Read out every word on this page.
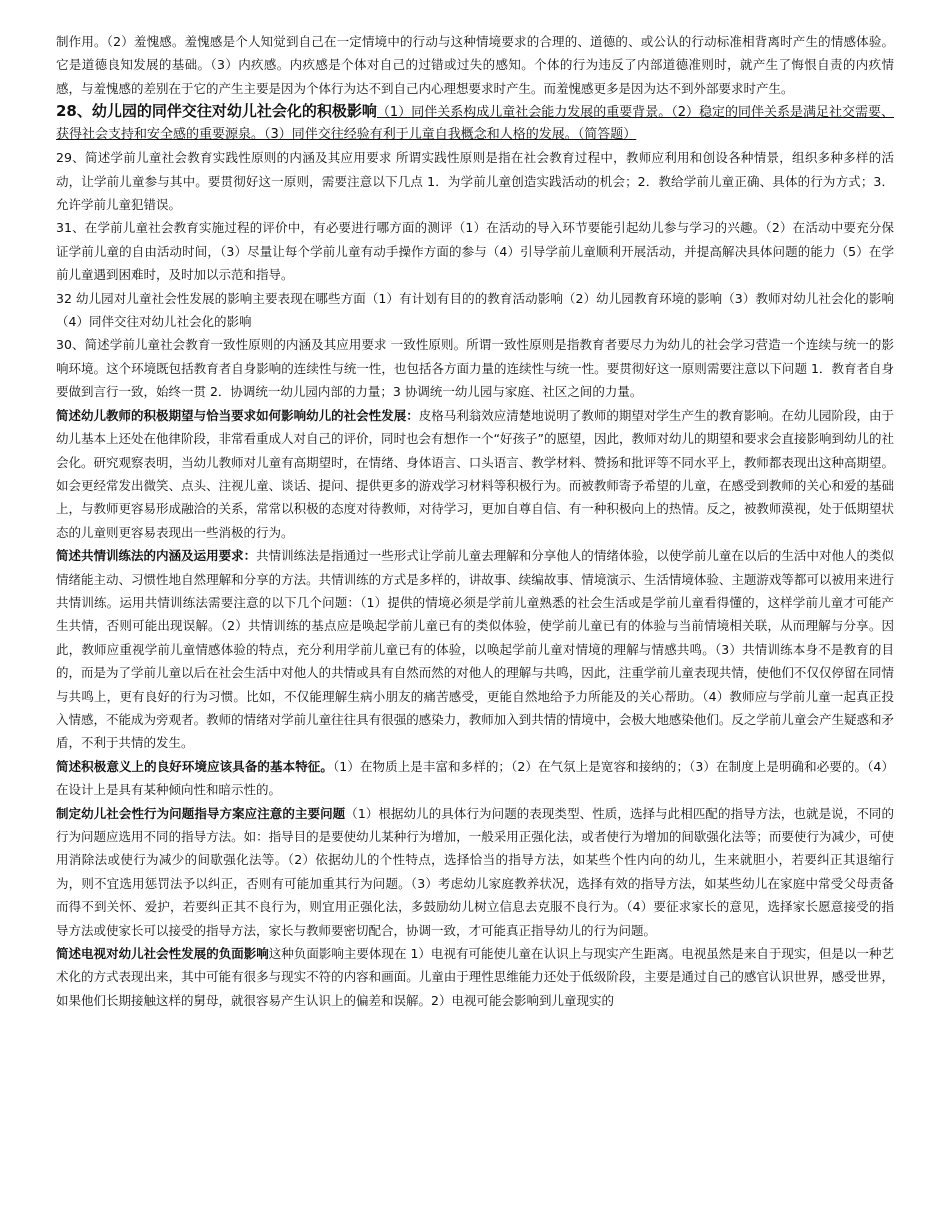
制作用。（2）羞愧感。羞愧感是个人知觉到自己在一定情境中的行动与这种情境要求的合理的、道德的、或公认的行动标准相背离时产生的情感体验。它是道德良知发展的基础。（3）内疚感。内疚感是个体对自己的过错或过失的感知。个体的行为违反了内部道德准则时，就产生了悔恨自责的内疚情感，与羞愧感的差别在于它的产生主要是因为个体行为达不到自己内心理想要求时产生。而羞愧感更多是因为达不到外部要求时产生。

28、幼儿园的同伴交往对幼儿社会化的积极影响（1）同伴关系构成儿童社会能力发展的重要背景。（2）稳定的同伴关系是满足社交需要、获得社会支持和安全感的重要源泉。（3）同伴交往经验有利于儿童自我概念和人格的发展。（简答题）

29、简述学前儿童社会教育实践性原则的内涵及其应用要求 所谓实践性原则是指在社会教育过程中，教师应利用和创设各种情景，组织多种多样的活动，让学前儿童参与其中。要贯彻好这一原则，需要注意以下几点 1．为学前儿童创造实践活动的机会；2．教给学前儿童正确、具体的行为方式；3．允许学前儿童犯错误。

31、在学前儿童社会教育实施过程的评价中，有必要进行哪方面的测评（1）在活动的导入环节要能引起幼儿参与学习的兴趣。（2）在活动中要充分保证学前儿童的自由活动时间，（3）尽量让每个学前儿童有动手操作方面的参与（4）引导学前儿童顺利开展活动，并提高解决具体问题的能力（5）在学前儿童遇到困难时，及时加以示范和指导。

32 幼儿园对儿童社会性发展的影响主要表现在哪些方面（1）有计划有目的的教育活动影响（2）幼儿园教育环境的影响（3）教师对幼儿社会化的影响（4）同伴交往对幼儿社会化的影响

30、简述学前儿童社会教育一致性原则的内涵及其应用要求 一致性原则。所谓一致性原则是指教育者要尽力为幼儿的社会学习营造一个连续与统一的影响环境。这个环境既包括教育者自身影响的连续性与统一性，也包括各方面力量的连续性与统一性。要贯彻好这一原则需要注意以下问题 1．教育者自身要做到言行一致，始终一贯 2．协调统一幼儿园内部的力量；3 协调统一幼儿园与家庭、社区之间的力量。

简述幼儿教师的积极期望与恰当要求如何影响幼儿的社会性发展：皮格马利翁效应清楚地说明了教师的期望对学生产生的教育影响。在幼儿园阶段，由于幼儿基本上还处在他律阶段，非常看重成人对自己的评价，同时也会有想作一个“好孩子”的愿望，因此，教师对幼儿的期望和要求会直接影响到幼儿的社会化。研究观察表明，当幼儿教师对儿童有高期望时，在情绪、身体语言、口头语言、教学材料、赞扬和批评等不同水平上，教师都表现出这种高期望。如会更经常发出微笑、点头、注视儿童、谈话、提问、提供更多的游戏学习材料等积极行为。而被教师寄予希望的儿童，在感受到教师的关心和爱的基础上，与教师更容易形成融洽的关系，常常以积极的态度对待教师，对待学习，更加自尊自信、有一种积极向上的热情。反之，被教师漠视，处于低期望状态的儿童则更容易表现出一些消极的行为。

简述共情训练法的内涵及运用要求：共情训练法是指通过一些形式让学前儿童去理解和分享他人的情绪体验，以使学前儿童在以后的生活中对他人的类似情绪能主动、习惯性地自然理解和分享的方法。共情训练的方式是多样的，讲故事、续编故事、情境演示、生活情境体验、主题游戏等都可以被用来进行共情训练。运用共情训练法需要注意的以下几个问题：（1）提供的情境必须是学前儿童熟悉的社会生活或是学前儿童看得懂的，这样学前儿童才可能产生共情，否则可能出现误解。（2）共情训练的基点应是唤起学前儿童已有的类似体验，使学前儿童已有的体验与当前情境相关联，从而理解与分享。因此，教师应重视学前儿童情感体验的特点，充分利用学前儿童已有的体验，以唤起学前儿童对情境的理解与情感共鸣。（3）共情训练本身不是教育的目的，而是为了学前儿童以后在社会生活中对他人的共情或具有自然而然的对他人的理解与共鸣，因此，注重学前儿童表现共情，使他们不仅仅停留在同情与共鸣上，更有良好的行为习惯。比如，不仅能理解生病小朋友的痛苦感受，更能自然地给予力所能及的关心帮助。（4）教师应与学前儿童一起真正投入情感，不能成为旁观者。教师的情绪对学前儿童往往具有很强的感染力，教师加入到共情的情境中，会极大地感染他们。反之学前儿童会产生疑惑和矛盾，不利于共情的发生。

简述积极意义上的良好环境应该具备的基本特征。（1）在物质上是丰富和多样的；（2）在气氛上是宽容和接纳的；（3）在制度上是明确和必要的。（4）在设计上是具有某种倾向性和暗示性的。

制定幼儿社会性行为问题指导方案应注意的主要问题（1）根据幼儿的具体行为问题的表现类型、性质，选择与此相匹配的指导方法，也就是说，不同的行为问题应选用不同的指导方法。如：指导目的是要使幼儿某种行为增加，一般采用正强化法，或者使行为增加的间歇强化法等；而要使行为减少，可使用消除法或使行为减少的间歇强化法等。（2）依据幼儿的个性特点，选择恰当的指导方法，如某些个性内向的幼儿，生来就胆小，若要纠正其退缩行为，则不宜选用惩罚法予以纠正，否则有可能加重其行为问题。（3）考虑幼儿家庭教养状况，选择有效的指导方法，如某些幼儿在家庭中常受父母责备而得不到关怀、爱护，若要纠正其不良行为，则宜用正强化法，多鼓励幼儿树立信息去克服不良行为。（4）要征求家长的意见，选择家长愿意接受的指导方法或使家长可以接受的指导方法，家长与教师要密切配合，协调一致，才可能真正指导幼儿的行为问题。

简述电视对幼儿社会性发展的负面影响这种负面影响主要体现在 1）电视有可能使儿童在认识上与现实产生距离。电视虽然是来自于现实，但是以一种艺术化的方式表现出来，其中可能有很多与现实不符的内容和画面。儿童由于理性思维能力还处于低级阶段，主要是通过自己的感官认识世界，感受世界，如果他们长期接触这样的舅母，就很容易产生认识上的偏差和误解。2）电视可能会影响到儿童现实的
